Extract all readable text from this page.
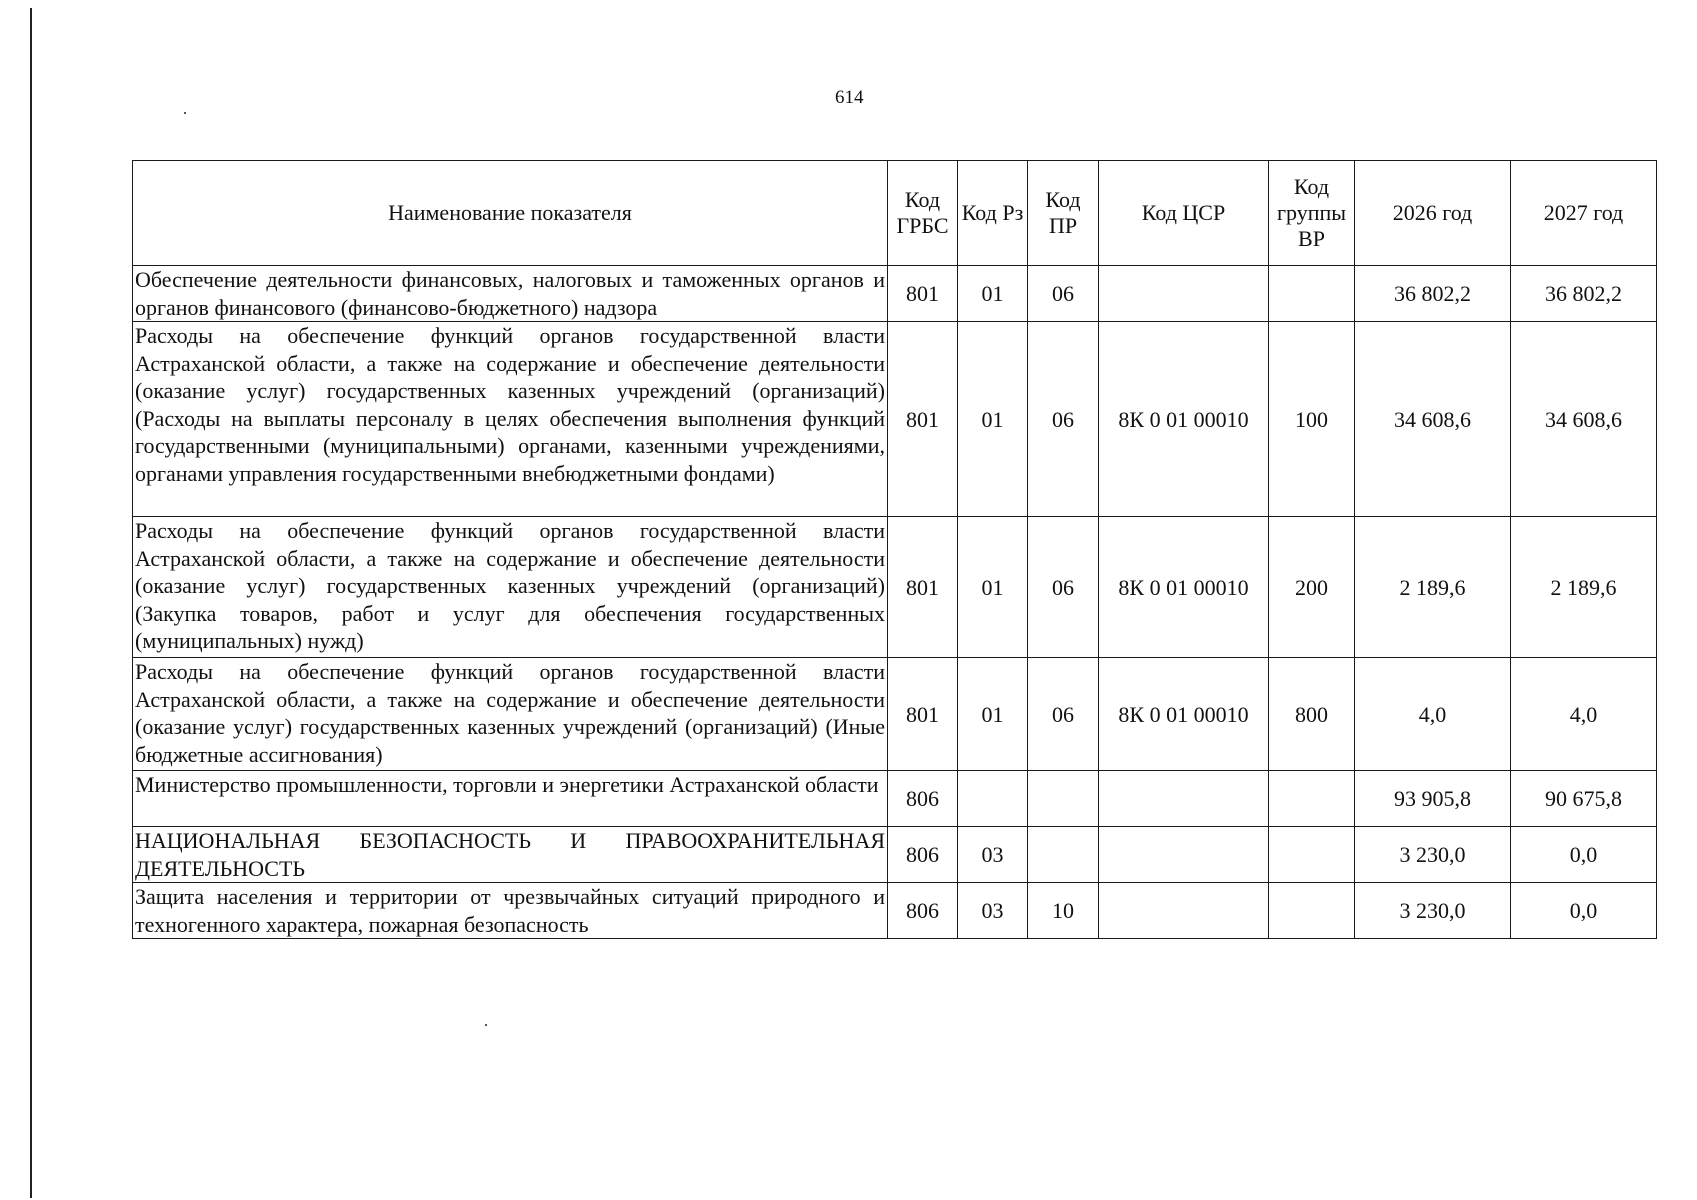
614
Наименование показателя	Код ГРБС	Код Рз	Код ПР	Код ЦСР	Код группы ВР	2026 год	2027 год
Обеспечение деятельности финансовых, налоговых и таможенных органов и органов финансового (финансово-бюджетного) надзора	801	01	06			36 802,2	36 802,2
Расходы на обеспечение функций органов государственной власти Астраханской области, а также на содержание и обеспечение деятельности (оказание услуг) государственных казенных учреждений (организаций) (Расходы на выплаты персоналу в целях обеспечения выполнения функций государственными (муниципальными) органами, казенными учреждениями, органами управления государственными внебюджетными фондами)	801	01	06	8К 0 01 00010	100	34 608,6	34 608,6
Расходы на обеспечение функций органов государственной власти Астраханской области, а также на содержание и обеспечение деятельности (оказание услуг) государственных казенных учреждений (организаций) (Закупка товаров, работ и услуг для обеспечения государственных (муниципальных) нужд)	801	01	06	8К 0 01 00010	200	2 189,6	2 189,6
Расходы на обеспечение функций органов государственной власти Астраханской области, а также на содержание и обеспечение деятельности (оказание услуг) государственных казенных учреждений (организаций) (Иные бюджетные ассигнования)	801	01	06	8К 0 01 00010	800	4,0	4,0
Министерство промышленности, торговли и энергетики Астраханской области	806					93 905,8	90 675,8
НАЦИОНАЛЬНАЯ БЕЗОПАСНОСТЬ И ПРАВООХРАНИТЕЛЬНАЯ ДЕЯТЕЛЬНОСТЬ	806	03				3 230,0	0,0
Защита населения и территории от чрезвычайных ситуаций природного и техногенного характера, пожарная безопасность	806	03	10			3 230,0	0,0
